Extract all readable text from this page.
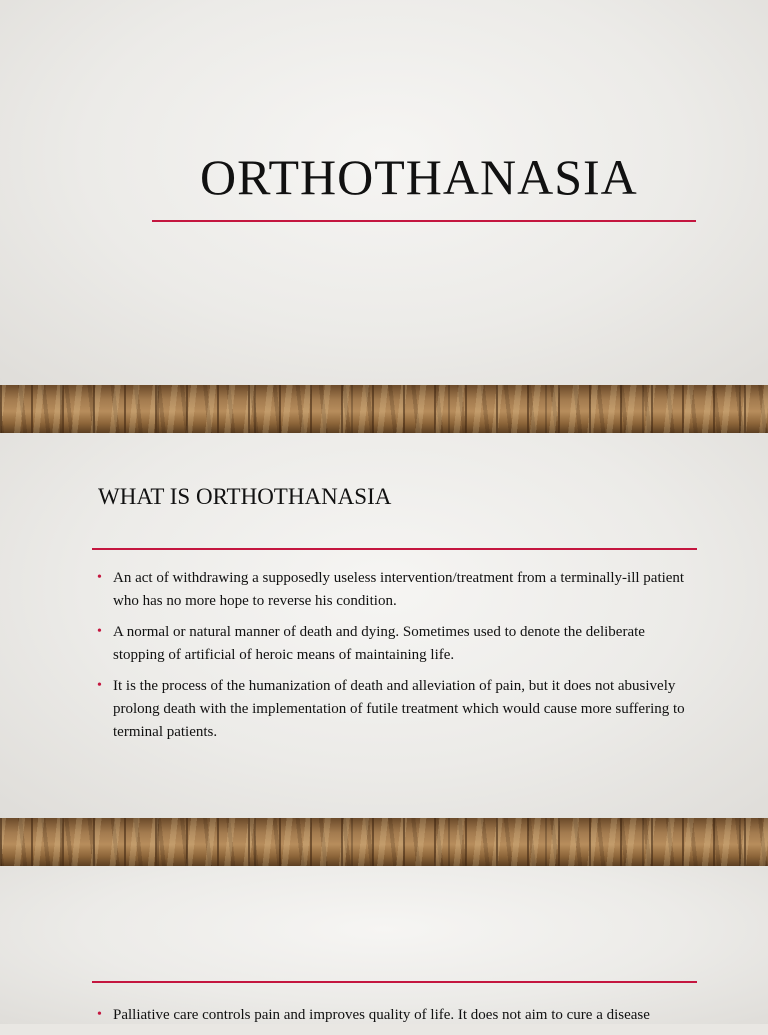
ORTHOTHANASIA
WHAT IS ORTHOTHANASIA
• An act of withdrawing a supposedly useless intervention/treatment from a terminally-ill patient who has no more hope to reverse his condition.
• A normal or natural manner of death and dying. Sometimes used to denote the deliberate stopping of artificial of heroic means of maintaining life.
• It is the process of the humanization of death and alleviation of pain, but it does not abusively prolong death with the implementation of futile treatment which would cause more suffering to terminal patients.
• Palliative care controls pain and improves quality of life. It does not aim to cure a disease
